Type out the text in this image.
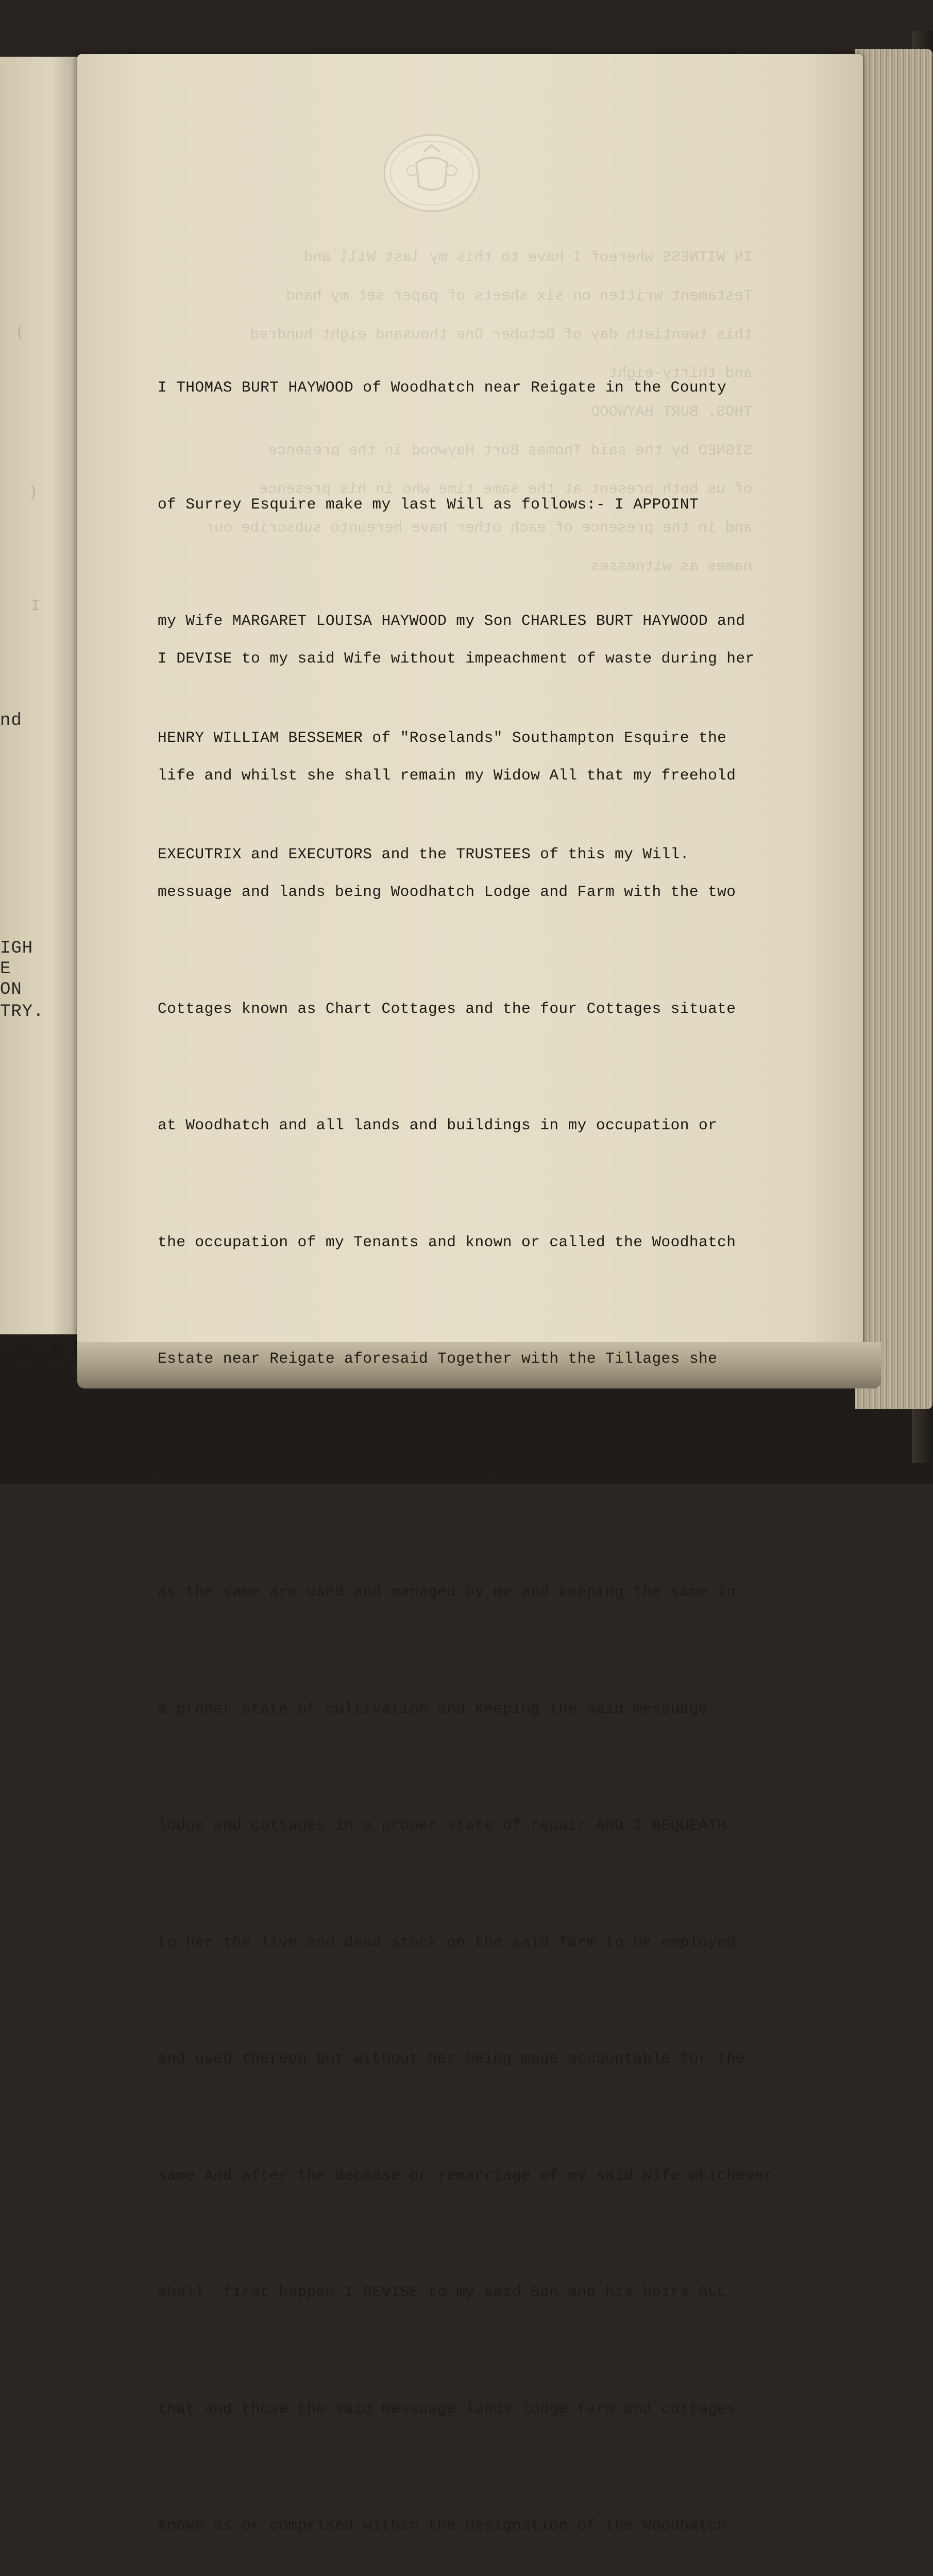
(
)
I
nd
IGH
E
ON
TRY.
IN WITNESS whereof I have to this my last Will and
Testament written on six sheets of paper set my hand
this twentieth day of October One thousand eight hundred
and thirty-eight
THOS. BURT HAYWOOD
SIGNED by the said Thomas Burt Haywood in the presence
of us both present at the same time who in his presence
and in the presence of each other have hereunto subscribe our
names as witnesses

I THOMAS BURT HAYWOOD of Woodhatch near Reigate in the County

of Surrey Esquire make my last Will as follows:- I APPOINT

my Wife MARGARET LOUISA HAYWOOD my Son CHARLES BURT HAYWOOD and

HENRY WILLIAM BESSEMER of "Roselands" Southampton Esquire the

EXECUTRIX and EXECUTORS and the TRUSTEES of this my Will.

I DEVISE to my said Wife without impeachment of waste during her

life and whilst she shall remain my Widow All that my freehold

messuage and lands being Woodhatch Lodge and Farm with the two

Cottages known as Chart Cottages and the four Cottages situate

at Woodhatch and all lands and buildings in my occupation or

the occupation of my Tenants and known or called the Woodhatch

Estate near Reigate aforesaid Together with the Tillages she

keeping and managing the said lands and farm in like manner

as the same are used and managed by me and keeping the same in

a proper state of cultivation and keeping the said messuage

lodge and cottages in a proper state of repair AND I BEQUEATH

to her the live and dead stock on the said farm to be employed

and used thereon but without her being made accountable for the

same And after the decease or remarriage of my said Wife whichever

shall  first happen I DEVISE to my said Son and his heirs ALL

that and those the said messuage lands lodge farm and cottages

known as or comprised within the designation of the Woodhatch
